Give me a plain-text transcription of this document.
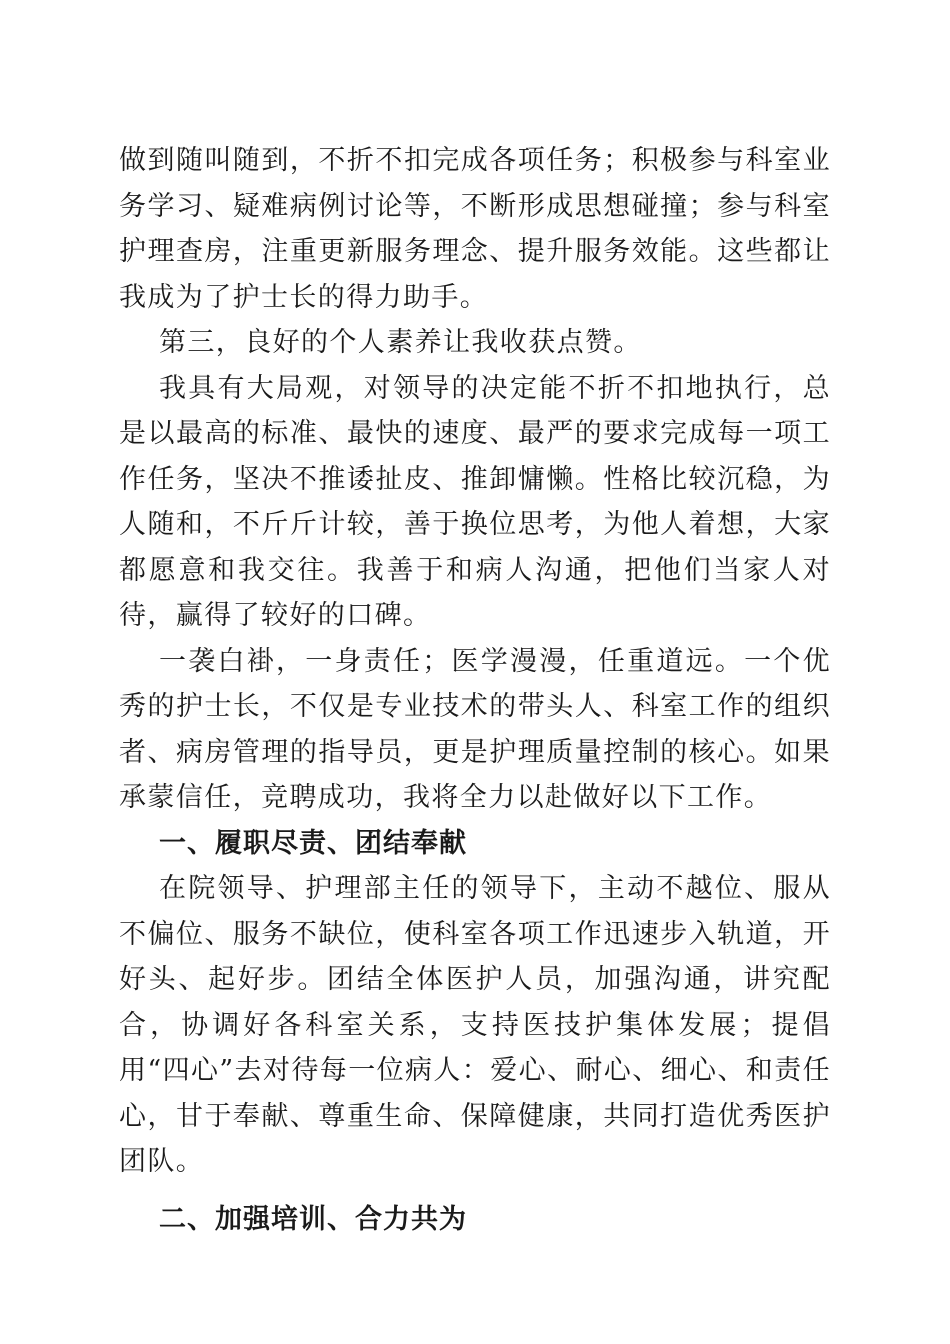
做到随叫随到，不折不扣完成各项任务；积极参与科室业务学习、疑难病例讨论等，不断形成思想碰撞；参与科室护理查房，注重更新服务理念、提升服务效能。这些都让我成为了护士长的得力助手。

第三，良好的个人素养让我收获点赞。

我具有大局观，对领导的决定能不折不扣地执行，总是以最高的标准、最快的速度、最严的要求完成每一项工作任务，坚决不推诿扯皮、推卸慵懒。性格比较沉稳，为人随和，不斤斤计较，善于换位思考，为他人着想，大家都愿意和我交往。我善于和病人沟通，把他们当家人对待，赢得了较好的口碑。

一袭白褂，一身责任；医学漫漫，任重道远。一个优秀的护士长，不仅是专业技术的带头人、科室工作的组织者、病房管理的指导员，更是护理质量控制的核心。如果承蒙信任，竞聘成功，我将全力以赴做好以下工作。

一、履职尽责、团结奉献

在院领导、护理部主任的领导下，主动不越位、服从不偏位、服务不缺位，使科室各项工作迅速步入轨道，开好头、起好步。团结全体医护人员，加强沟通，讲究配合，协调好各科室关系，支持医技护集体发展；提倡用“四心”去对待每一位病人：爱心、耐心、细心、和责任心，甘于奉献、尊重生命、保障健康，共同打造优秀医护团队。

二、加强培训、合力共为
